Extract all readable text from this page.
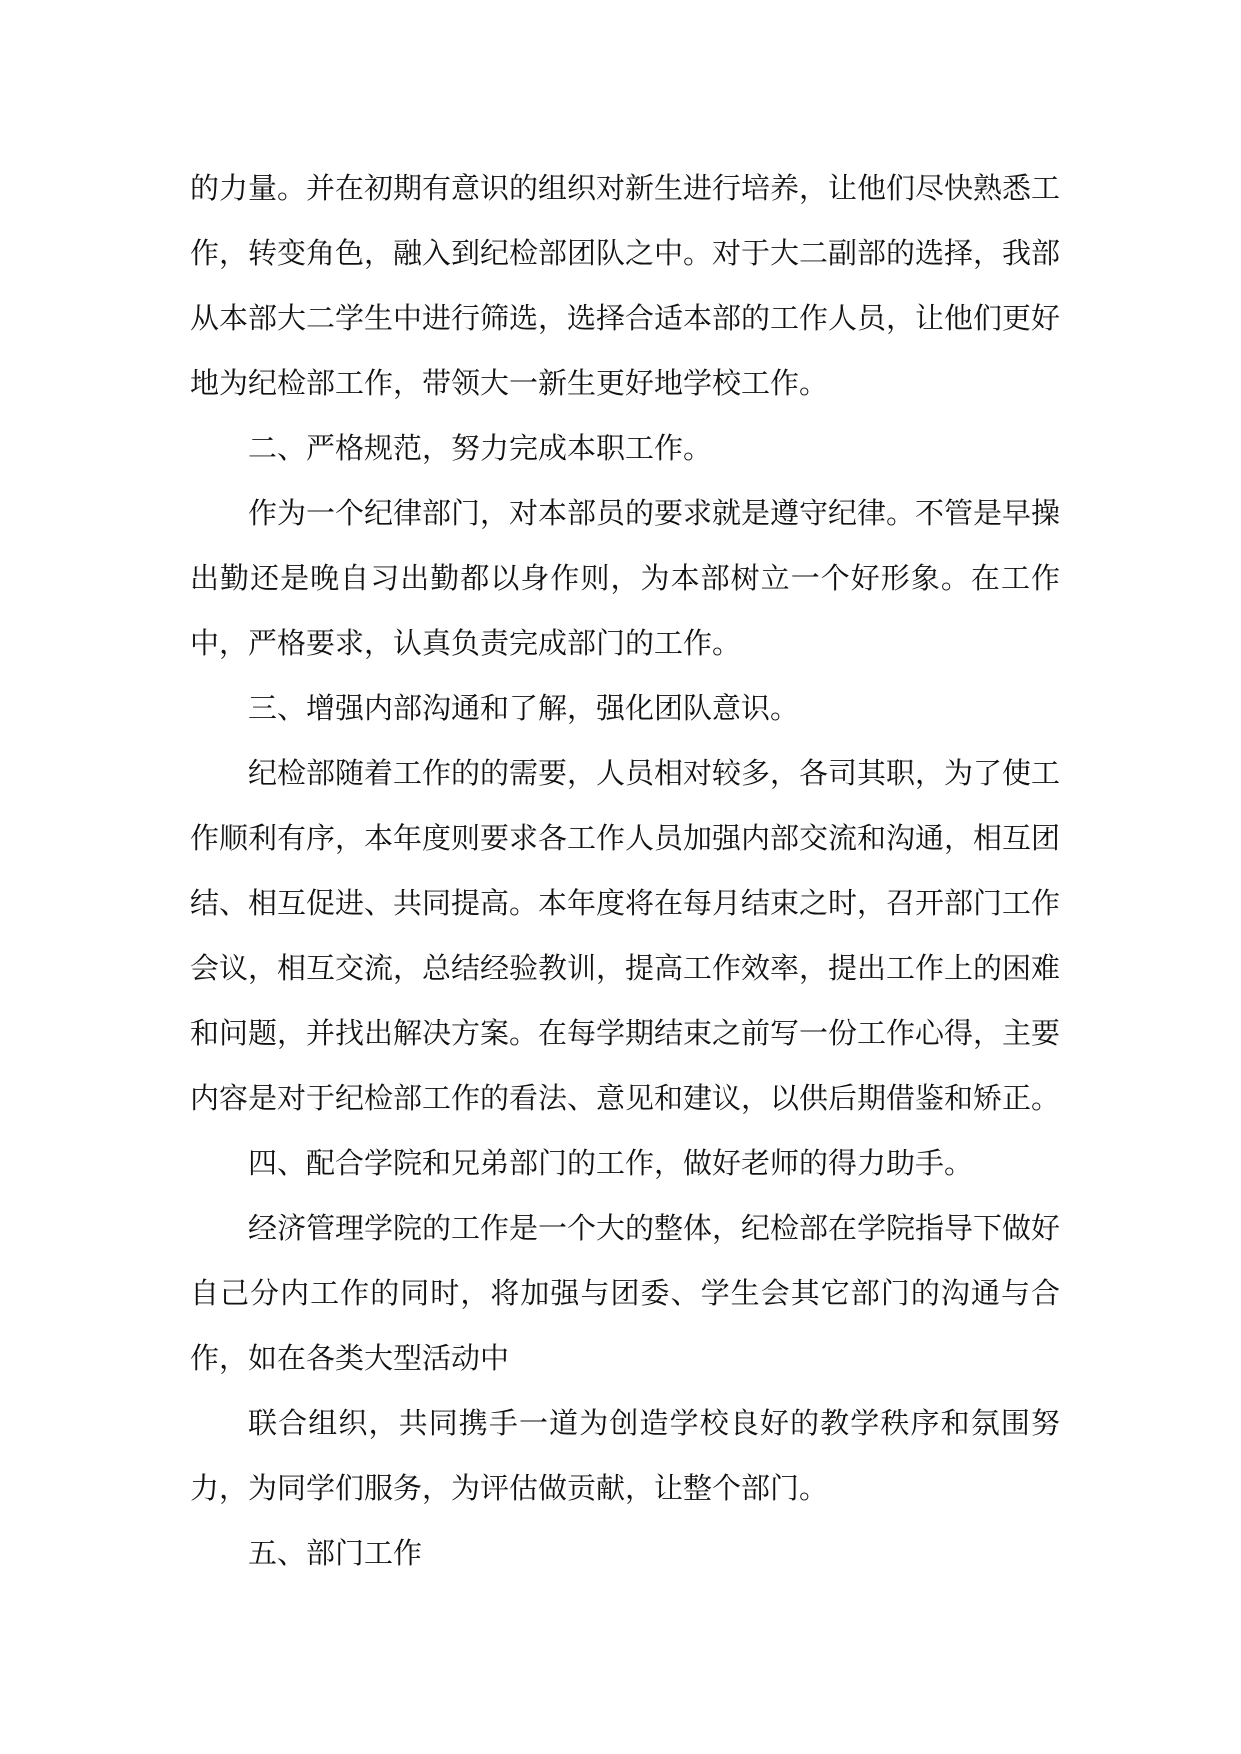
的力量。并在初期有意识的组织对新生进行培养，让他们尽快熟悉工作，转变角色，融入到纪检部团队之中。对于大二副部的选择，我部从本部大二学生中进行筛选，选择合适本部的工作人员，让他们更好地为纪检部工作，带领大一新生更好地学校工作。

二、严格规范，努力完成本职工作。

作为一个纪律部门，对本部员的要求就是遵守纪律。不管是早操出勤还是晚自习出勤都以身作则，为本部树立一个好形象。在工作中，严格要求，认真负责完成部门的工作。

三、增强内部沟通和了解，强化团队意识。

纪检部随着工作的的需要，人员相对较多，各司其职，为了使工作顺利有序，本年度则要求各工作人员加强内部交流和沟通，相互团结、相互促进、共同提高。本年度将在每月结束之时，召开部门工作会议，相互交流，总结经验教训，提高工作效率，提出工作上的困难和问题，并找出解决方案。在每学期结束之前写一份工作心得，主要内容是对于纪检部工作的看法、意见和建议，以供后期借鉴和矫正。

四、配合学院和兄弟部门的工作，做好老师的得力助手。

经济管理学院的工作是一个大的整体，纪检部在学院指导下做好自己分内工作的同时，将加强与团委、学生会其它部门的沟通与合作，如在各类大型活动中

联合组织，共同携手一道为创造学校良好的教学秩序和氛围努力，为同学们服务，为评估做贡献，让整个部门。

五、部门工作
